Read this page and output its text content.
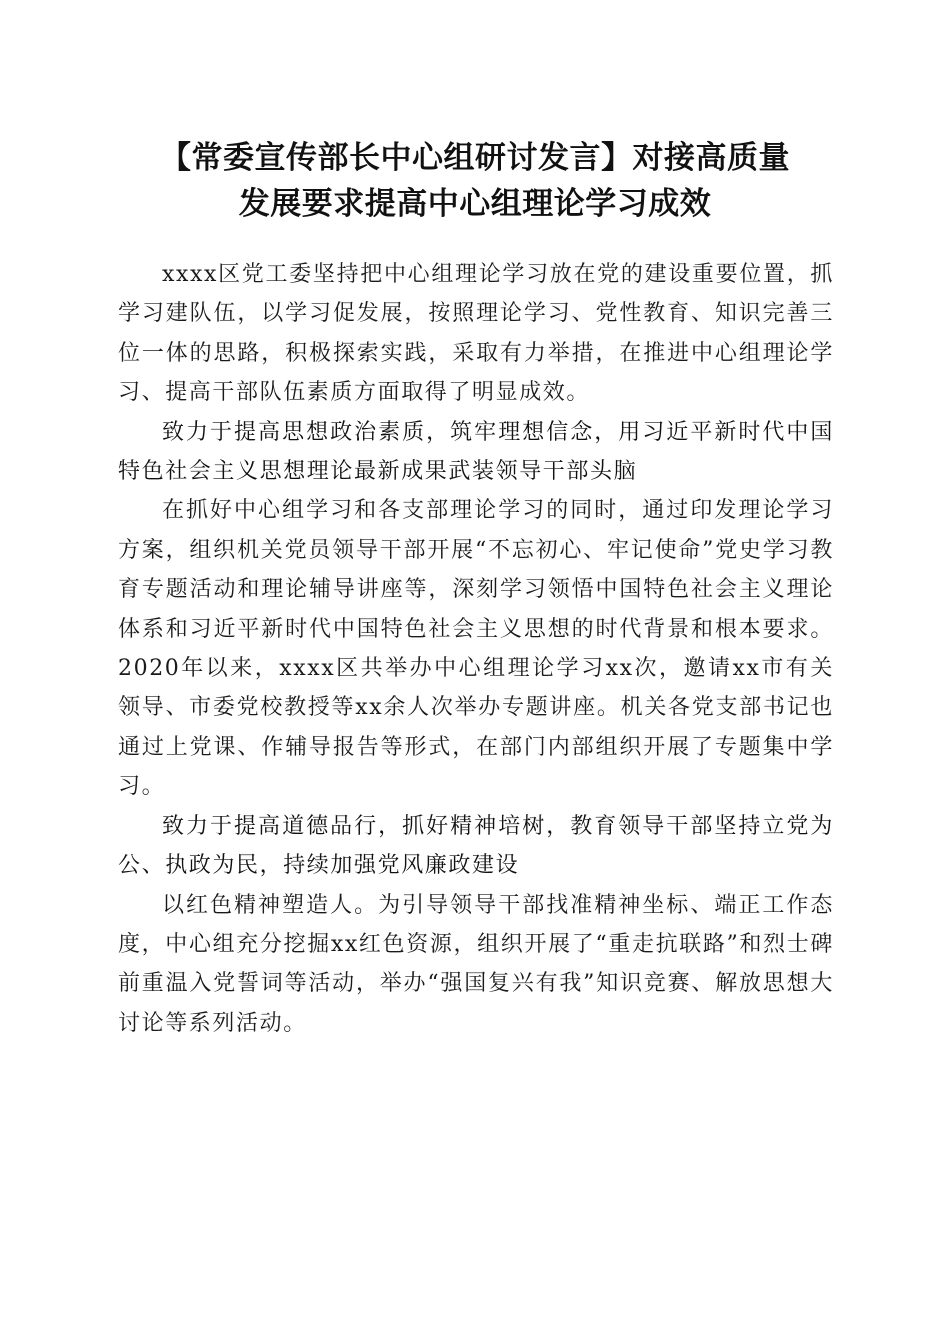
【常委宣传部长中心组研讨发言】对接高质量
发展要求提高中心组理论学习成效

xxxx区党工委坚持把中心组理论学习放在党的建设重要位置，抓学习建队伍，以学习促发展，按照理论学习、党性教育、知识完善三位一体的思路，积极探索实践，采取有力举措，在推进中心组理论学习、提高干部队伍素质方面取得了明显成效。

致力于提高思想政治素质，筑牢理想信念，用习近平新时代中国特色社会主义思想理论最新成果武装领导干部头脑

在抓好中心组学习和各支部理论学习的同时，通过印发理论学习方案，组织机关党员领导干部开展“不忘初心、牢记使命”党史学习教育专题活动和理论辅导讲座等，深刻学习领悟中国特色社会主义理论体系和习近平新时代中国特色社会主义思想的时代背景和根本要求。2020年以来，xxxx区共举办中心组理论学习xx次，邀请xx市有关领导、市委党校教授等xx余人次举办专题讲座。机关各党支部书记也通过上党课、作辅导报告等形式，在部门内部组织开展了专题集中学习。

致力于提高道德品行，抓好精神培树，教育领导干部坚持立党为公、执政为民，持续加强党风廉政建设

以红色精神塑造人。为引导领导干部找准精神坐标、端正工作态度，中心组充分挖掘xx红色资源，组织开展了“重走抗联路”和烈士碑前重温入党誓词等活动，举办“强国复兴有我”知识竞赛、解放思想大讨论等系列活动。
